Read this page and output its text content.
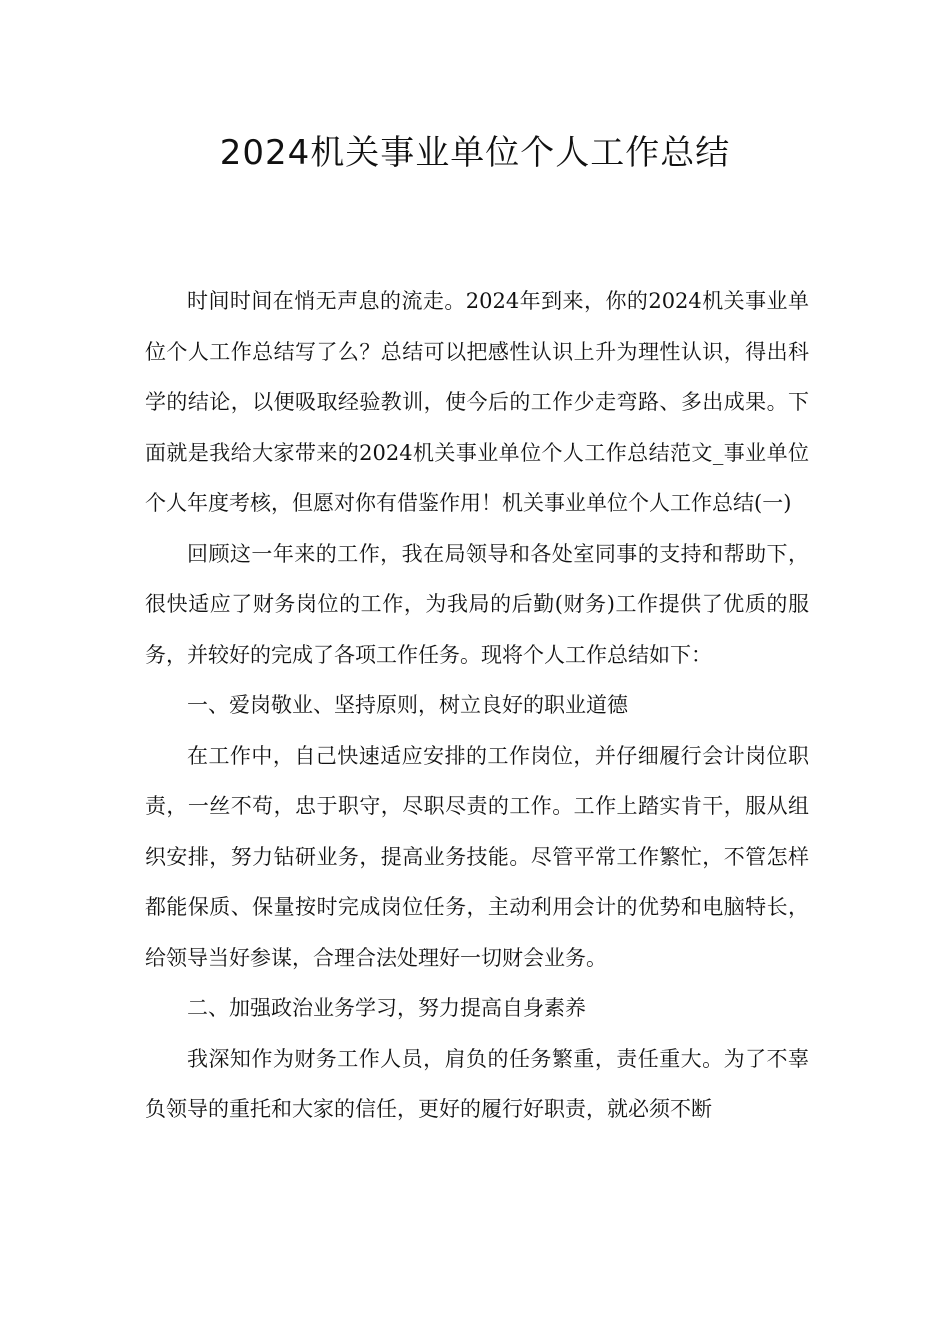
2024机关事业单位个人工作总结

时间时间在悄无声息的流走。2024年到来，你的2024机关事业单位个人工作总结写了么？总结可以把感性认识上升为理性认识，得出科学的结论，以便吸取经验教训，使今后的工作少走弯路、多出成果。下面就是我给大家带来的2024机关事业单位个人工作总结范文_事业单位个人年度考核，但愿对你有借鉴作用！机关事业单位个人工作总结(一)

回顾这一年来的工作，我在局领导和各处室同事的支持和帮助下，很快适应了财务岗位的工作，为我局的后勤(财务)工作提供了优质的服务，并较好的完成了各项工作任务。现将个人工作总结如下：

一、爱岗敬业、坚持原则，树立良好的职业道德

在工作中，自己快速适应安排的工作岗位，并仔细履行会计岗位职责，一丝不苟，忠于职守，尽职尽责的工作。工作上踏实肯干，服从组织安排，努力钻研业务，提高业务技能。尽管平常工作繁忙，不管怎样都能保质、保量按时完成岗位任务，主动利用会计的优势和电脑特长，给领导当好参谋，合理合法处理好一切财会业务。

二、加强政治业务学习，努力提高自身素养

我深知作为财务工作人员，肩负的任务繁重，责任重大。为了不辜负领导的重托和大家的信任，更好的履行好职责，就必须不断
